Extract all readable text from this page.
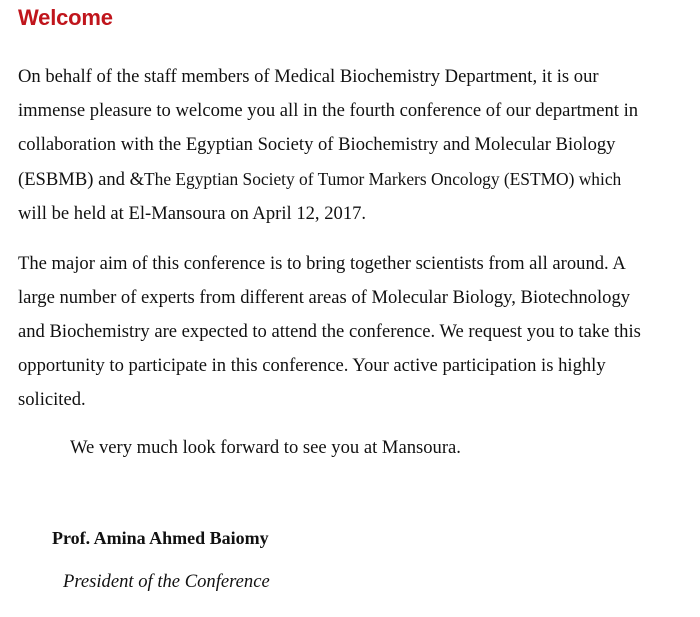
Welcome

On behalf of the staff members of Medical Biochemistry Department, it is our
immense pleasure to welcome you all in the fourth conference of our department in
collaboration with the Egyptian Society of Biochemistry and Molecular Biology
(ESBMB) and &The Egyptian Society of Tumor Markers Oncology (ESTMO) which
will be held at El-Mansoura on April 12, 2017.

The major aim of this conference is to bring together scientists from all around. A
large number of experts from different areas of Molecular Biology, Biotechnology
and Biochemistry are expected to attend the conference. We request you to take this
opportunity to participate in this conference. Your active participation is highly
solicited.

We very much look forward to see you at Mansoura.
Prof. Amina Ahmed Baiomy
President of the Conference
